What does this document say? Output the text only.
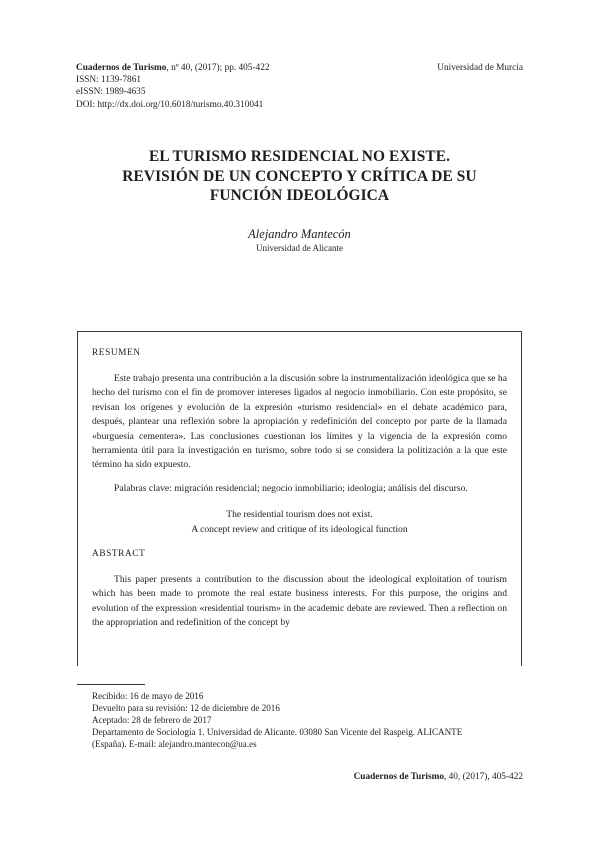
Cuadernos de Turismo, nº 40, (2017); pp. 405-422
ISSN: 1139-7861
eISSN: 1989-4635
DOI: http://dx.doi.org/10.6018/turismo.40.310041
Universidad de Murcia
EL TURISMO RESIDENCIAL NO EXISTE.
REVISIÓN DE UN CONCEPTO Y CRÍTICA DE SU
FUNCIÓN IDEOLÓGICA
Alejandro Mantecón
Universidad de Alicante

RESUMEN

Este trabajo presenta una contribución a la discusión sobre la instrumentalización ideológica que se ha hecho del turismo con el fin de promover intereses ligados al negocio inmobiliario. Con este propósito, se revisan los orígenes y evolución de la expresión «turismo residencial» en el debate académico para, después, plantear una reflexión sobre la apropiación y redefinición del concepto por parte de la llamada «burguesía cementera». Las conclusiones cuestionan los límites y la vigencia de la expresión como herramienta útil para la investigación en turismo, sobre todo si se considera la politización a la que este término ha sido expuesto.

Palabras clave: migración residencial; negocio inmobiliario; ideología; análisis del discurso.

The residential tourism does not exist.
A concept review and critique of its ideological function

ABSTRACT

This paper presents a contribution to the discussion about the ideological exploitation of tourism which has been made to promote the real estate business interests. For this purpose, the origins and evolution of the expression «residential tourism» in the academic debate are reviewed. Then a reflection on the appropriation and redefinition of the concept by

Recibido: 16 de mayo de 2016
Devuelto para su revisión: 12 de diciembre de 2016
Aceptado: 28 de febrero de 2017
Departamento de Sociología 1. Universidad de Alicante. 03080 San Vicente del Raspeig. ALICANTE
(España). E-mail: alejandro.mantecon@ua.es
Cuadernos de Turismo, 40, (2017), 405-422
